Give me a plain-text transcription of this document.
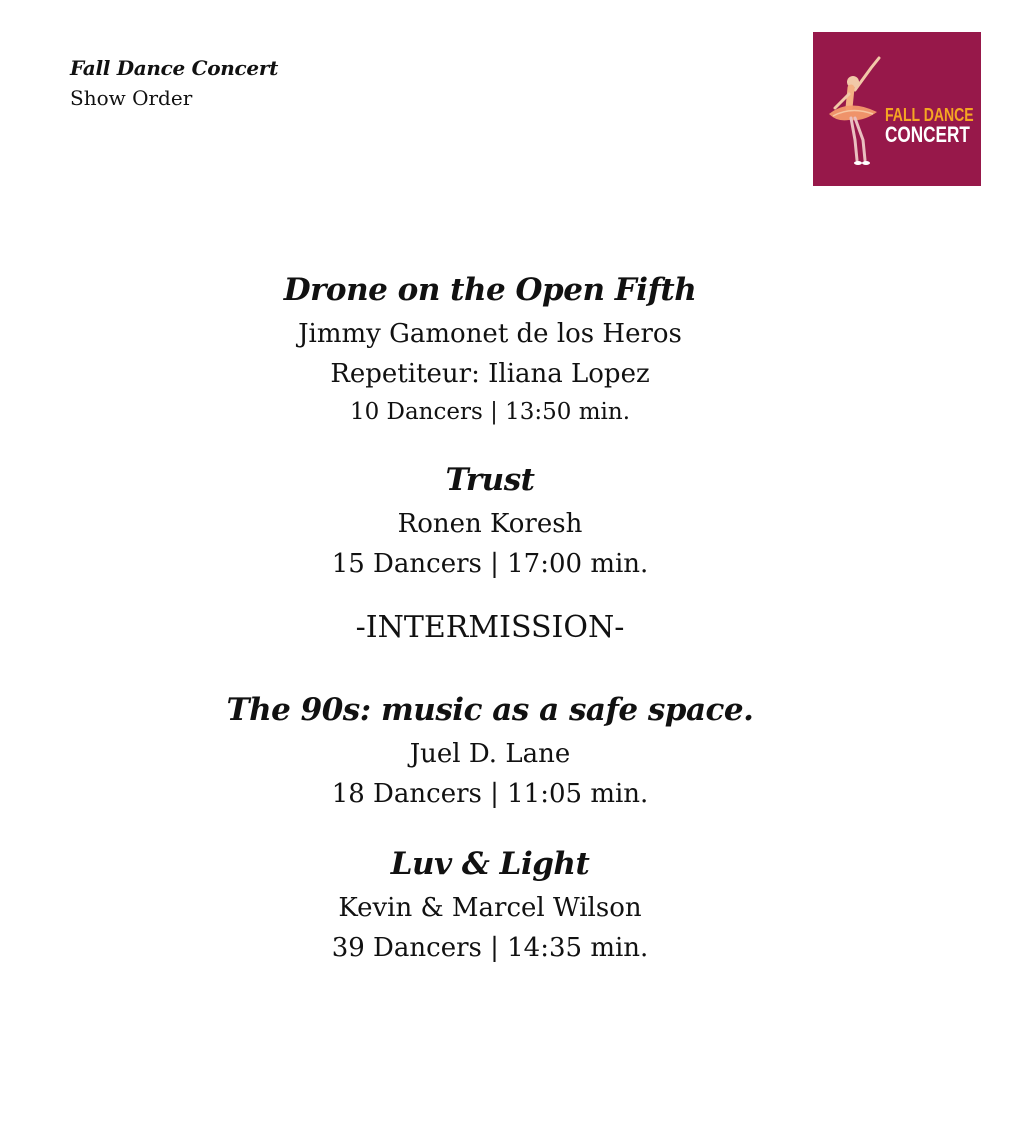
Fall Dance Concert
Show Order
FALL DANCE
CONCERT
Drone on the Open Fifth
Jimmy Gamonet de los Heros
Repetiteur: Iliana Lopez
10 Dancers | 13:50 min.
Trust
Ronen Koresh
15 Dancers | 17:00 min.
-INTERMISSION-
The 90s: music as a safe space.
Juel D. Lane
18 Dancers | 11:05 min.
Luv & Light
Kevin & Marcel Wilson
39 Dancers | 14:35 min.
